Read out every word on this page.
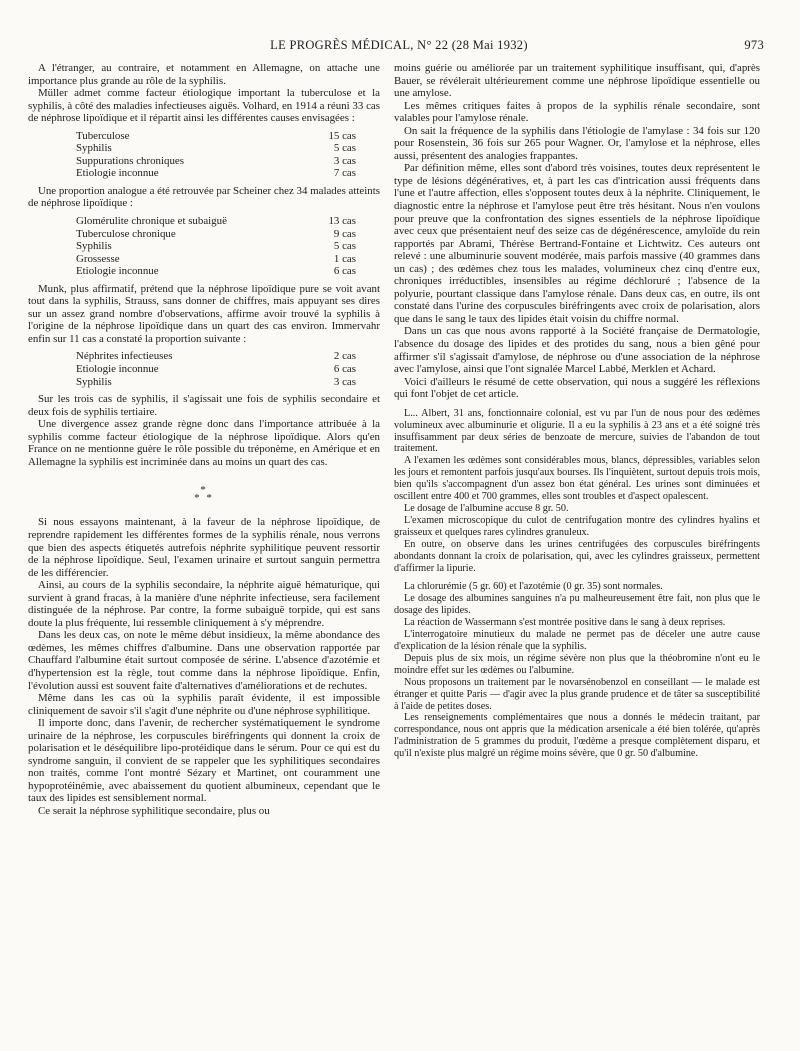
LE PROGRÈS MÉDICAL, N° 22 (28 Mai 1932)	973

A l'étranger, au contraire, et notamment en Allemagne, on attache une importance plus grande au rôle de la syphilis.

Müller admet comme facteur étiologique important la tuberculose et la syphilis, à côté des maladies infectieuses aiguës. Volhard, en 1914 a réuni 33 cas de néphrose lipoïdique et il répartit ainsi les différentes causes envisagées :

Tuberculose	15 cas
Syphilis	5 cas
Suppurations chroniques	3 cas
Etiologie inconnue	7 cas

Une proportion analogue a été retrouvée par Scheiner chez 34 malades atteints de néphrose lipoïdique :

Glomérulite chronique et subaiguë	13 cas
Tuberculose chronique	9 cas
Syphilis	5 cas
Grossesse	1 cas
Etiologie inconnue	6 cas

Munk, plus affirmatif, prétend que la néphrose lipoïdique pure se voit avant tout dans la syphilis, Strauss, sans donner de chiffres, mais appuyant ses dires sur un assez grand nombre d'observations, affirme avoir trouvé la syphilis à l'origine de la néphrose lipoïdique dans un quart des cas environ. Immervahr enfin sur 11 cas a constaté la proportion suivante :

Néphrites infectieuses	2 cas
Etiologie inconnue	6 cas
Syphilis	3 cas

Sur les trois cas de syphilis, il s'agissait une fois de syphilis secondaire et deux fois de syphilis tertiaire.

Une divergence assez grande règne donc dans l'importance attribuée à la syphilis comme facteur étiologique de la néphrose lipoïdique. Alors qu'en France on ne mentionne guère le rôle possible du tréponème, en Amérique et en Allemagne la syphilis est incriminée dans au moins un quart des cas.

*
* *

Si nous essayons maintenant, à la faveur de la néphrose lipoïdique, de reprendre rapidement les différentes formes de la syphilis rénale, nous verrons que bien des aspects étiquetés autrefois néphrite syphilitique peuvent ressortir de la néphrose lipoïdique. Seul, l'examen urinaire et surtout sanguin permettra de les différencier.

Ainsi, au cours de la syphilis secondaire, la néphrite aiguë hématurique, qui survient à grand fracas, à la manière d'une néphrite infectieuse, sera facilement distinguée de la néphrose. Par contre, la forme subaiguë torpide, qui est sans doute la plus fréquente, lui ressemble cliniquement à s'y méprendre.

Dans les deux cas, on note le même début insidieux, la même abondance des œdèmes, les mêmes chiffres d'albumine. Dans une observation rapportée par Chauffard l'albumine était surtout composée de sérine. L'absence d'azotémie et d'hypertension est la règle, tout comme dans la néphrose lipoïdique. Enfin, l'évolution aussi est souvent faite d'alternatives d'améliorations et de rechutes.

Même dans les cas où la syphilis paraît évidente, il est impossible cliniquement de savoir s'il s'agit d'une néphrite ou d'une néphrose syphilitique.

Il importe donc, dans l'avenir, de rechercher systématiquement le syndrome urinaire de la néphrose, les corpuscules biréfringents qui donnent la croix de polarisation et le déséquilibre lipo-protéidique dans le sérum. Pour ce qui est du syndrome sanguin, il convient de se rappeler que les syphilitiques secondaires non traités, comme l'ont montré Sézary et Martinet, ont couramment une hypoprotéinémie, avec abaissement du quotient albumineux, cependant que le taux des lipides est sensiblement normal.

Ce serait la néphrose syphilitique secondaire, plus ou

moins guérie ou améliorée par un traitement syphilitique insuffisant, qui, d'après Bauer, se révélerait ultérieurement comme une néphrose lipoïdique essentielle ou une amylose.

Les mêmes critiques faites à propos de la syphilis rénale secondaire, sont valables pour l'amylose rénale.

On sait la fréquence de la syphilis dans l'étiologie de l'amylase : 34 fois sur 120 pour Rosenstein, 36 fois sur 265 pour Wagner. Or, l'amylose et la néphrose, elles aussi, présentent des analogies frappantes.

Par définition même, elles sont d'abord très voisines, toutes deux représentent le type de lésions dégénératives, et, à part les cas d'intrication aussi fréquents dans l'une et l'autre affection, elles s'opposent toutes deux à la néphrite. Cliniquement, le diagnostic entre la néphrose et l'amylose peut être très hésitant. Nous n'en voulons pour preuve que la confrontation des signes essentiels de la néphrose lipoïdique avec ceux que présentaient neuf des seize cas de dégénérescence, amyloïde du rein rapportés par Abrami, Thérèse Bertrand-Fontaine et Lichtwitz. Ces auteurs ont relevé : une albuminurie souvent modérée, mais parfois massive (40 grammes dans un cas) ; des œdèmes chez tous les malades, volumineux chez cinq d'entre eux, chroniques irréductibles, insensibles au régime déchloruré ; l'absence de la polyurie, pourtant classique dans l'amylose rénale. Dans deux cas, en outre, ils ont constaté dans l'urine des corpuscules biréfringents avec croix de polarisation, alors que dans le sang le taux des lipides était voisin du chiffre normal.

Dans un cas que nous avons rapporté à la Société française de Dermatologie, l'absence du dosage des lipides et des protides du sang, nous a bien gêné pour affirmer s'il s'agissait d'amylose, de néphrose ou d'une association de la néphrose avec l'amylose, ainsi que l'ont signalée Marcel Labbé, Merklen et Achard.

Voici d'ailleurs le résumé de cette observation, qui nous a suggéré les réflexions qui font l'objet de cet article.

L... Albert, 31 ans, fonctionnaire colonial, est vu par l'un de nous pour des œdèmes volumineux avec albuminurie et oligurie. Il a eu la syphilis à 23 ans et a été soigné très insuffisamment par deux séries de benzoate de mercure, suivies de l'abandon de tout traitement.

A l'examen les œdèmes sont considérables mous, blancs, dépressibles, variables selon les jours et remontent parfois jusqu'aux bourses. Ils l'inquiètent, surtout depuis trois mois, bien qu'ils s'accompagnent d'un assez bon état général. Les urines sont diminuées et oscillent entre 400 et 700 grammes, elles sont troubles et d'aspect opalescent.

Le dosage de l'albumine accuse 8 gr. 50.

L'examen microscopique du culot de centrifugation montre des cylindres hyalins et graisseux et quelques rares cylindres granuleux.

En outre, on observe dans les urines centrifugées des corpuscules biréfringents abondants donnant la croix de polarisation, qui, avec les cylindres graisseux, permettent d'affirmer la lipurie.

La chlorurémie (5 gr. 60) et l'azotémie (0 gr. 35) sont normales.

Le dosage des albumines sanguines n'a pu malheureusement être fait, non plus que le dosage des lipides.

La réaction de Wassermann s'est montrée positive dans le sang à deux reprises.

L'interrogatoire minutieux du malade ne permet pas de déceler une autre cause d'explication de la lésion rénale que la syphilis.

Depuis plus de six mois, un régime sévère non plus que la théobromine n'ont eu le moindre effet sur les œdèmes ou l'albumine.

Nous proposons un traitement par le novarsénobenzol en conseillant — le malade est étranger et quitte Paris — d'agir avec la plus grande prudence et de tâter sa susceptibilité à l'aide de petites doses.

Les renseignements complémentaires que nous a donnés le médecin traitant, par correspondance, nous ont appris que la médication arsenicale a été bien tolérée, qu'après l'administration de 5 grammes du produit, l'œdème a presque complètement disparu, et qu'il n'existe plus malgré un régime moins sévère, que 0 gr. 50 d'albumine.
